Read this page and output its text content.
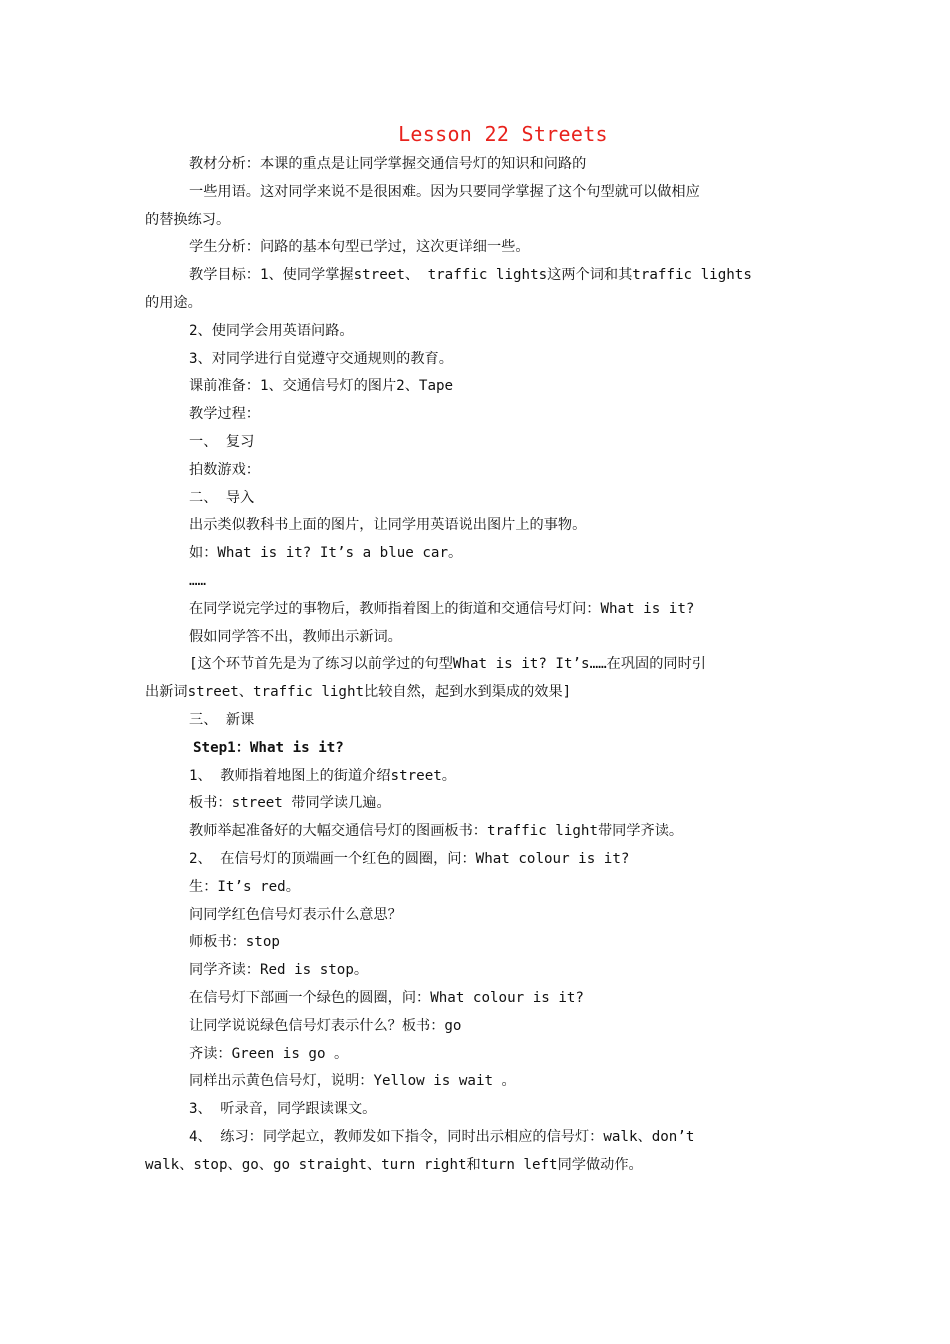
Lesson 22 Streets
教材分析：本课的重点是让同学掌握交通信号灯的知识和问路的
一些用语。这对同学来说不是很困难。因为只要同学掌握了这个句型就可以做相应
的替换练习。
学生分析：问路的基本句型已学过，这次更详细一些。
教学目标：1、使同学掌握street、 traffic lights这两个词和其traffic lights
的用途。
2、使同学会用英语问路。
3、对同学进行自觉遵守交通规则的教育。
课前准备：1、交通信号灯的图片2、Tape
教学过程：
一、 复习
拍数游戏：
二、 导入
出示类似教科书上面的图片，让同学用英语说出图片上的事物。
如：What is it? It’s a blue car。
……
在同学说完学过的事物后，教师指着图上的街道和交通信号灯问：What is it?
假如同学答不出，教师出示新词。
[这个环节首先是为了练习以前学过的句型What is it? It’s……在巩固的同时引
出新词street、traffic light比较自然，起到水到渠成的效果]
三、 新课
Step1：What is it?
1、 教师指着地图上的街道介绍street。
板书：street 带同学读几遍。
教师举起准备好的大幅交通信号灯的图画板书：traffic light带同学齐读。
2、 在信号灯的顶端画一个红色的圆圈，问：What colour is it?
生：It’s red。
问同学红色信号灯表示什么意思？
师板书：stop
同学齐读：Red is stop。
在信号灯下部画一个绿色的圆圈，问：What colour is it?
让同学说说绿色信号灯表示什么？板书：go
齐读：Green is go 。
同样出示黄色信号灯，说明：Yellow is wait 。
3、 听录音，同学跟读课文。
4、 练习：同学起立，教师发如下指令，同时出示相应的信号灯：walk、don’t
walk、stop、go、go straight、turn right和turn left同学做动作。
